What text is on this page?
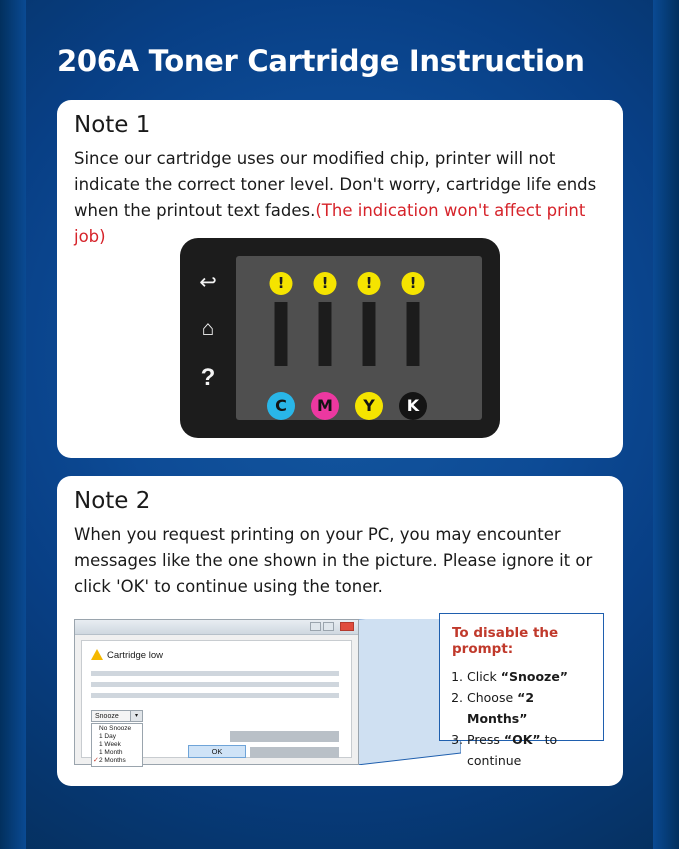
206A Toner Cartridge Instruction
Note 1
Since our cartridge uses our modified chip, printer will not indicate the correct toner level. Don't worry, cartridge life ends when the printout text fades.(The indication won't affect print job)
↩
⌂
?
!
C
!
M
!
Y
!
K
Note 2
When you request printing on your PC, you may encounter messages like the one shown in the picture. Please ignore it or click 'OK' to continue using the toner.
Cartridge low
Snooze	▾
No Snooze
1 Day
1 Week
1 Month
✓ 2 Months
OK
To disable the prompt:
1. Click “Snooze”
2. Choose “2 Months”
3. Press “OK” to continue
